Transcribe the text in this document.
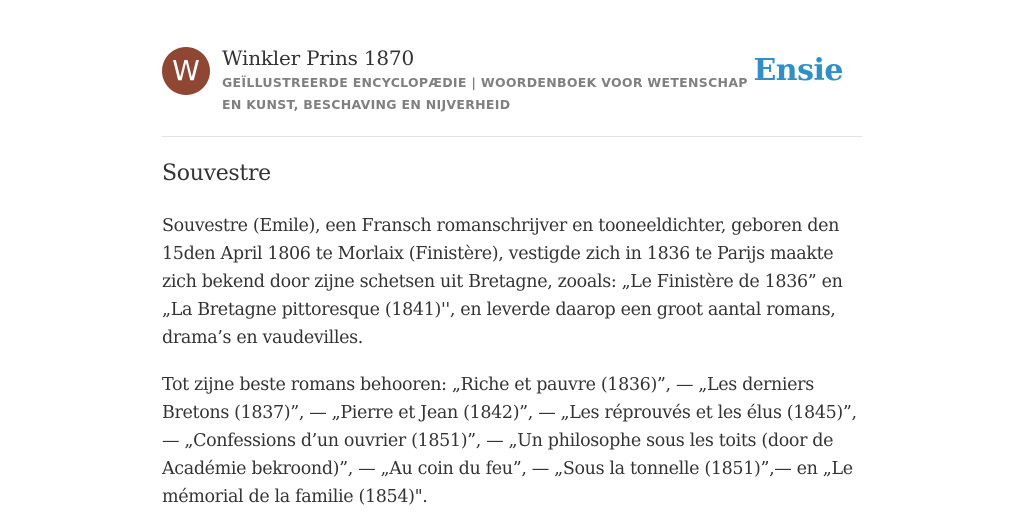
W	Winkler Prins 1870
GEÏLLUSTREERDE ENCYCLOPÆDIE | WOORDENBOEK VOOR WETENSCHAP EN KUNST, BESCHAVING EN NIJVERHEID
Ensie
Souvestre

Souvestre (Emile), een Fransch romanschrijver en tooneeldichter, geboren den 15den April 1806 te Morlaix (Finistère), vestigde zich in 1836 te Parijs maakte zich bekend door zijne schetsen uit Bretagne, zooals: „Le Finistère de 1836” en „La Bretagne pittoresque (1841)'', en leverde daarop een groot aantal romans, drama’s en vaudevilles.

Tot zijne beste romans behooren: „Riche et pauvre (1836)”, — „Les derniers Bretons (1837)”, — „Pierre et Jean (1842)”, — „Les réprouvés et les élus (1845)”, — „Confessions d’un ouvrier (1851)”, — „Un philosophe sous les toits (door de Académie bekroond)”, — „Au coin du feu”, — „Sous la tonnelle (1851)”,— en „Le mémorial de la familie (1854)".
